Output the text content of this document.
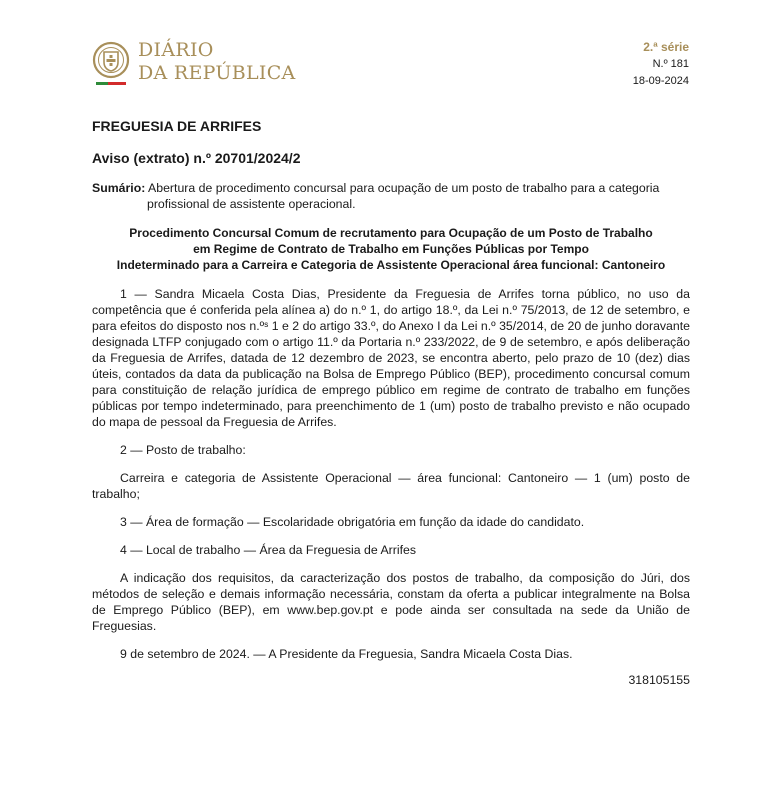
DIÁRIO
DA REPÚBLICA
2.ª série
N.º 181
18-09-2024
FREGUESIA DE ARRIFES
Aviso (extrato) n.º 20701/2024/2
Sumário: Abertura de procedimento concursal para ocupação de um posto de trabalho para a categoria profissional de assistente operacional.
Procedimento Concursal Comum de recrutamento para Ocupação de um Posto de Trabalho
em Regime de Contrato de Trabalho em Funções Públicas por Tempo
Indeterminado para a Carreira e Categoria de Assistente Operacional área funcional: Cantoneiro

1 — Sandra Micaela Costa Dias, Presidente da Freguesia de Arrifes torna público, no uso da competência que é conferida pela alínea a) do n.º 1, do artigo 18.º, da Lei n.º 75/2013, de 12 de setembro, e para efeitos do disposto nos n.ºˢ 1 e 2 do artigo 33.º, do Anexo I da Lei n.º 35/2014, de 20 de junho doravante designada LTFP conjugado com o artigo 11.º da Portaria n.º 233/2022, de 9 de setembro, e após deliberação da Freguesia de Arrifes, datada de 12 dezembro de 2023, se encontra aberto, pelo prazo de 10 (dez) dias úteis, contados da data da publicação na Bolsa de Emprego Público (BEP), procedimento concursal comum para constituição de relação jurídica de emprego público em regime de contrato de trabalho em funções públicas por tempo indeterminado, para preenchimento de 1 (um) posto de trabalho previsto e não ocupado do mapa de pessoal da Freguesia de Arrifes.

2 — Posto de trabalho:

Carreira e categoria de Assistente Operacional — área funcional: Cantoneiro — 1 (um) posto de trabalho;

3 — Área de formação — Escolaridade obrigatória em função da idade do candidato.

4 — Local de trabalho — Área da Freguesia de Arrifes

A indicação dos requisitos, da caracterização dos postos de trabalho, da composição do Júri, dos métodos de seleção e demais informação necessária, constam da oferta a publicar integralmente na Bolsa de Emprego Público (BEP), em www.bep.gov.pt e pode ainda ser consultada na sede da União de Freguesias.

9 de setembro de 2024. — A Presidente da Freguesia, Sandra Micaela Costa Dias.

318105155
